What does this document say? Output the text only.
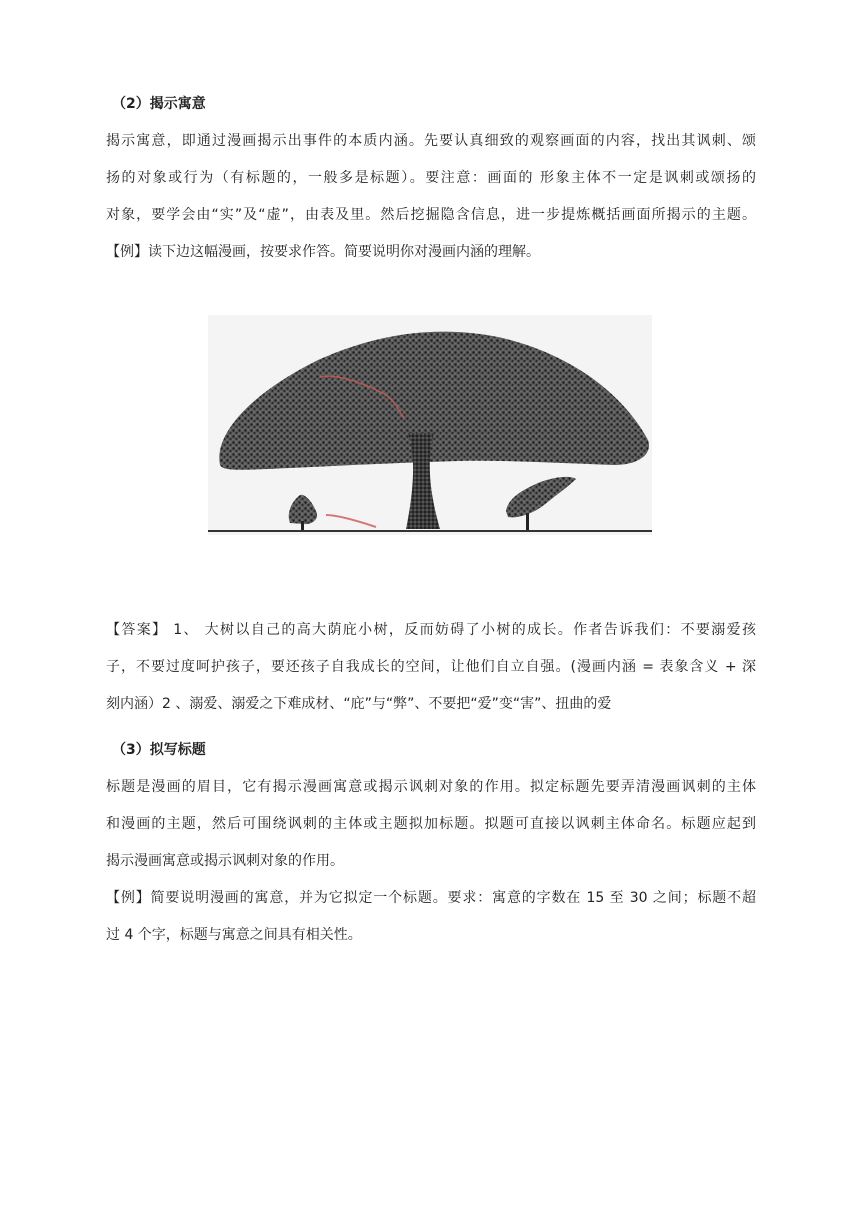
（2）揭示寓意
揭示寓意，即通过漫画揭示出事件的本质内涵。先要认真细致的观察画面的内容，找出其讽刺、颂
扬的对象或行为（有标题的，一般多是标题）。要注意：画面的 形象主体不一定是讽刺或颂扬的
对象，要学会由“实”及“虚”，由表及里。然后挖掘隐含信息，进一步提炼概括画面所揭示的主题。
【例】读下边这幅漫画，按要求作答。简要说明你对漫画内涵的理解。
【答案】 1、 大树以自己的高大荫庇小树，反而妨碍了小树的成长。作者告诉我们：不要溺爱孩
子，不要过度呵护孩子，要还孩子自我成长的空间，让他们自立自强。(漫画内涵 = 表象含义 + 深
刻内涵）2 、溺爱、溺爱之下难成材、“庇”与“弊”、不要把“爱”变“害”、扭曲的爱
（3）拟写标题
标题是漫画的眉目，它有揭示漫画寓意或揭示讽刺对象的作用。拟定标题先要弄清漫画讽刺的主体
和漫画的主题，然后可围绕讽刺的主体或主题拟加标题。拟题可直接以讽刺主体命名。标题应起到
揭示漫画寓意或揭示讽刺对象的作用。
【例】简要说明漫画的寓意，并为它拟定一个标题。要求：寓意的字数在 15 至 30 之间；标题不超
过 4 个字，标题与寓意之间具有相关性。
